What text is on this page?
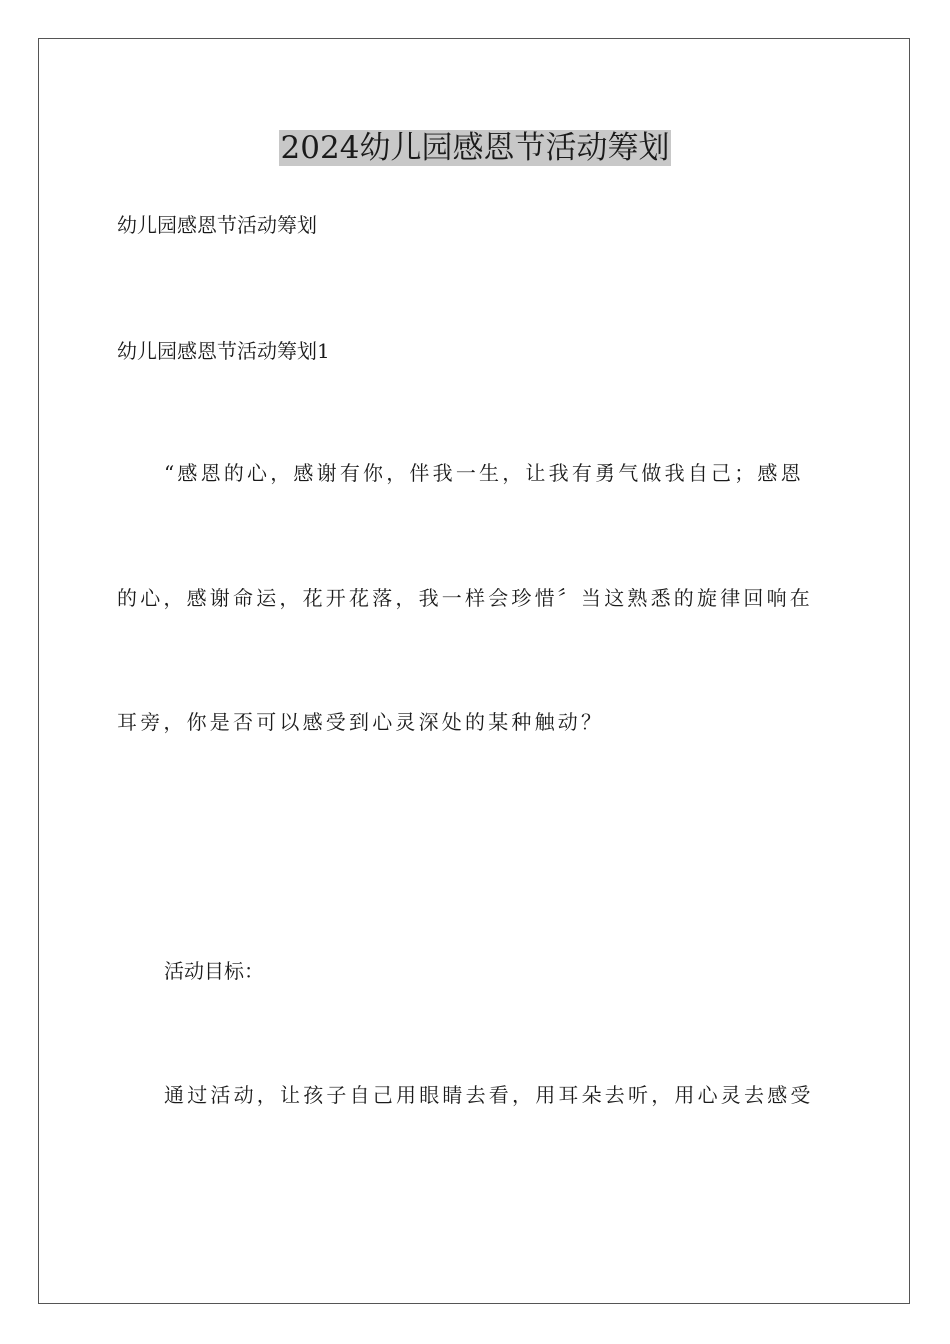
2024幼儿园感恩节活动筹划

幼儿园感恩节活动筹划

幼儿园感恩节活动筹划1

“感恩的心，感谢有你，伴我一生，让我有勇气做我自己；感恩

的心，感谢命运，花开花落，我一样会珍惜〞当这熟悉的旋律回响在

耳旁，你是否可以感受到心灵深处的某种触动？

活动目标：

通过活动，让孩子自己用眼睛去看，用耳朵去听，用心灵去感受
